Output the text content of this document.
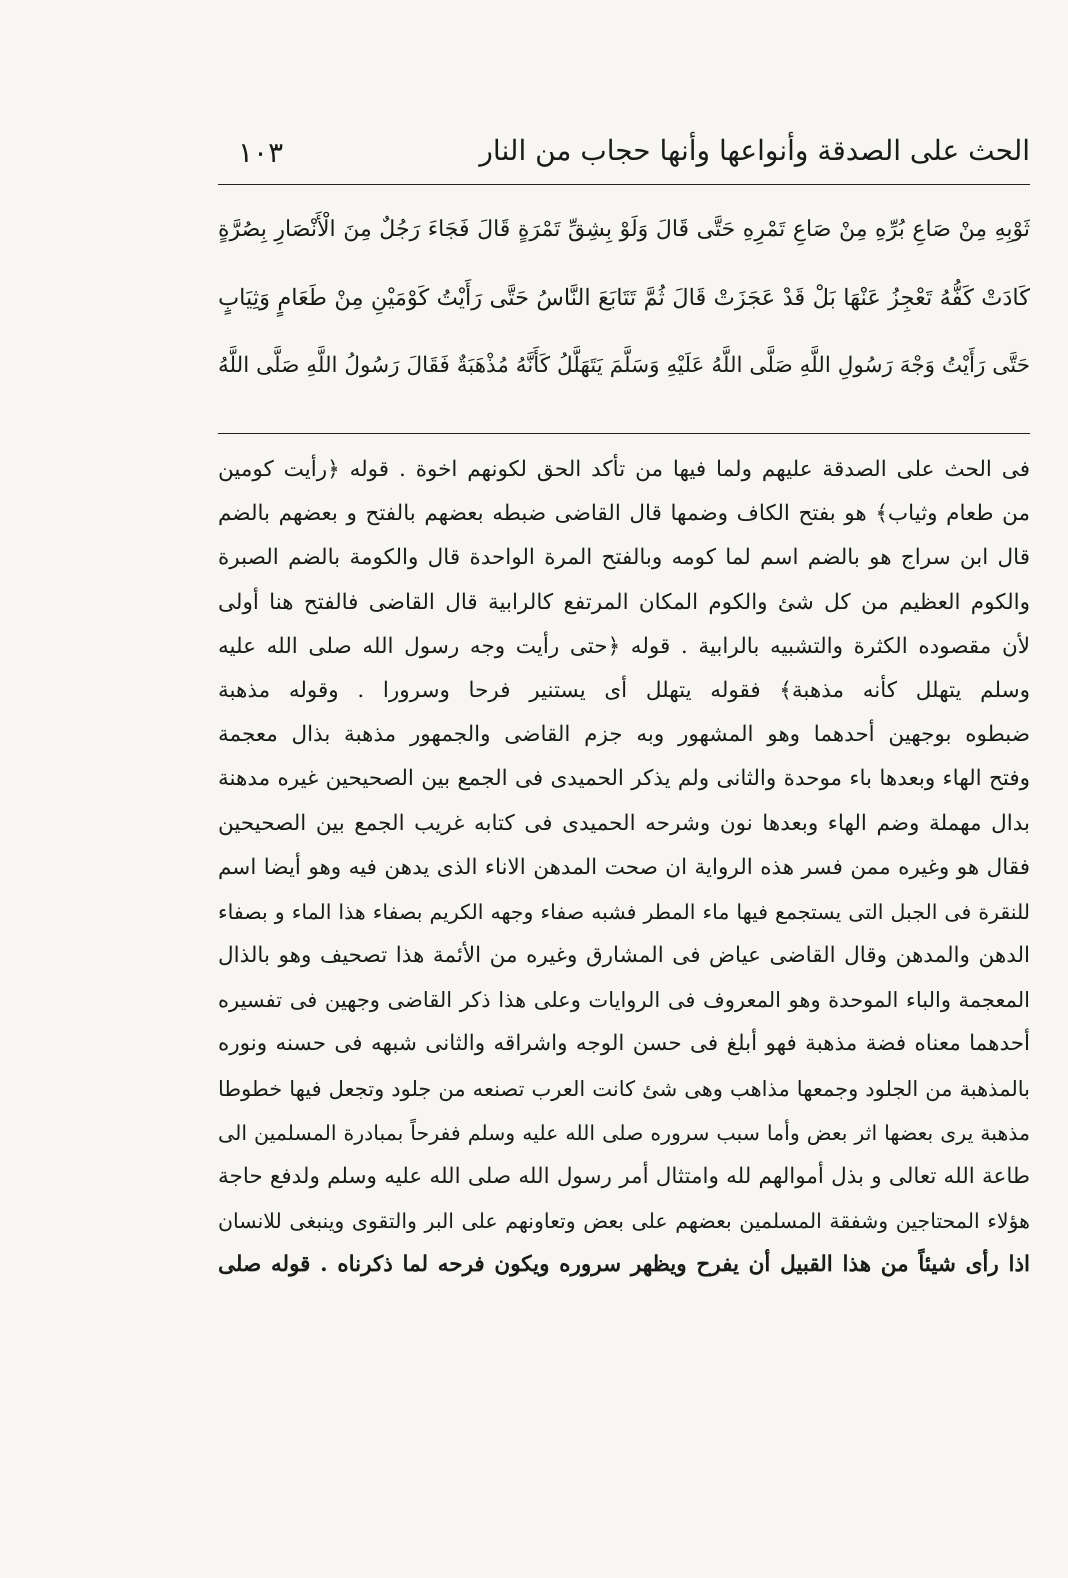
الحث على الصدقة وأنواعها وأنها حجاب من النار
١٠٣
ثَوْبِهِ مِنْ صَاعِ بُرِّهِ مِنْ صَاعِ تَمْرِهِ حَتَّى قَالَ وَلَوْ بِشِقِّ تَمْرَةٍ قَالَ فَجَاءَ رَجُلٌ مِنَ الْأَنْصَارِ بِصُرَّةٍ
كَادَتْ كَفُّهُ تَعْجِزُ عَنْهَا بَلْ قَدْ عَجَزَتْ قَالَ ثُمَّ تَتَابَعَ النَّاسُ حَتَّى رَأَيْتُ كَوْمَيْنِ مِنْ طَعَامٍ وَثِيَابٍ
حَتَّى رَأَيْتُ وَجْهَ رَسُولِ اللَّهِ صَلَّى اللَّهُ عَلَيْهِ وَسَلَّمَ يَتَهَلَّلُ كَأَنَّهُ مُذْهَبَةٌ فَقَالَ رَسُولُ اللَّهِ صَلَّى اللَّهُ
فى الحث على الصدقة عليهم ولما فيها من تأكد الحق لكونهم اخوة . قوله ﴿رأيت كومين
من طعام وثياب﴾ هو بفتح الكاف وضمها قال القاضى ضبطه بعضهم بالفتح و بعضهم بالضم
قال ابن سراج هو بالضم اسم لما كومه وبالفتح المرة الواحدة قال والكومة بالضم الصبرة
والكوم العظيم من كل شئ والكوم المكان المرتفع كالرابية قال القاضى فالفتح هنا أولى
لأن مقصوده الكثرة والتشبيه بالرابية . قوله ﴿حتى رأيت وجه رسول الله صلى الله عليه
وسلم يتهلل كأنه مذهبة﴾ فقوله يتهلل أى يستنير فرحا وسرورا . وقوله مذهبة
ضبطوه بوجهين أحدهما وهو المشهور وبه جزم القاضى والجمهور مذهبة بذال معجمة
وفتح الهاء وبعدها باء موحدة والثانى ولم يذكر الحميدى فى الجمع بين الصحيحين غيره مدهنة
بدال مهملة وضم الهاء وبعدها نون وشرحه الحميدى فى كتابه غريب الجمع بين الصحيحين
فقال هو وغيره ممن فسر هذه الرواية ان صحت المدهن الاناء الذى يدهن فيه وهو أيضا اسم
للنقرة فى الجبل التى يستجمع فيها ماء المطر فشبه صفاء وجهه الكريم بصفاء هذا الماء و بصفاء
الدهن والمدهن وقال القاضى عياض فى المشارق وغيره من الأئمة هذا تصحيف وهو بالذال
المعجمة والباء الموحدة وهو المعروف فى الروايات وعلى هذا ذكر القاضى وجهين فى تفسيره
أحدهما معناه فضة مذهبة فهو أبلغ فى حسن الوجه واشراقه والثانى شبهه فى حسنه ونوره
بالمذهبة من الجلود وجمعها مذاهب وهى شئ كانت العرب تصنعه من جلود وتجعل فيها خطوطا
مذهبة يرى بعضها اثر بعض وأما سبب سروره صلى الله عليه وسلم ففرحاً بمبادرة المسلمين الى
طاعة الله تعالى و بذل أموالهم لله وامتثال أمر رسول الله صلى الله عليه وسلم ولدفع حاجة
هؤلاء المحتاجين وشفقة المسلمين بعضهم على بعض وتعاونهم على البر والتقوى وينبغى للانسان
اذا رأى شيئاً من هذا القبيل أن يفرح ويظهر سروره ويكون فرحه لما ذكرناه . قوله صلى
